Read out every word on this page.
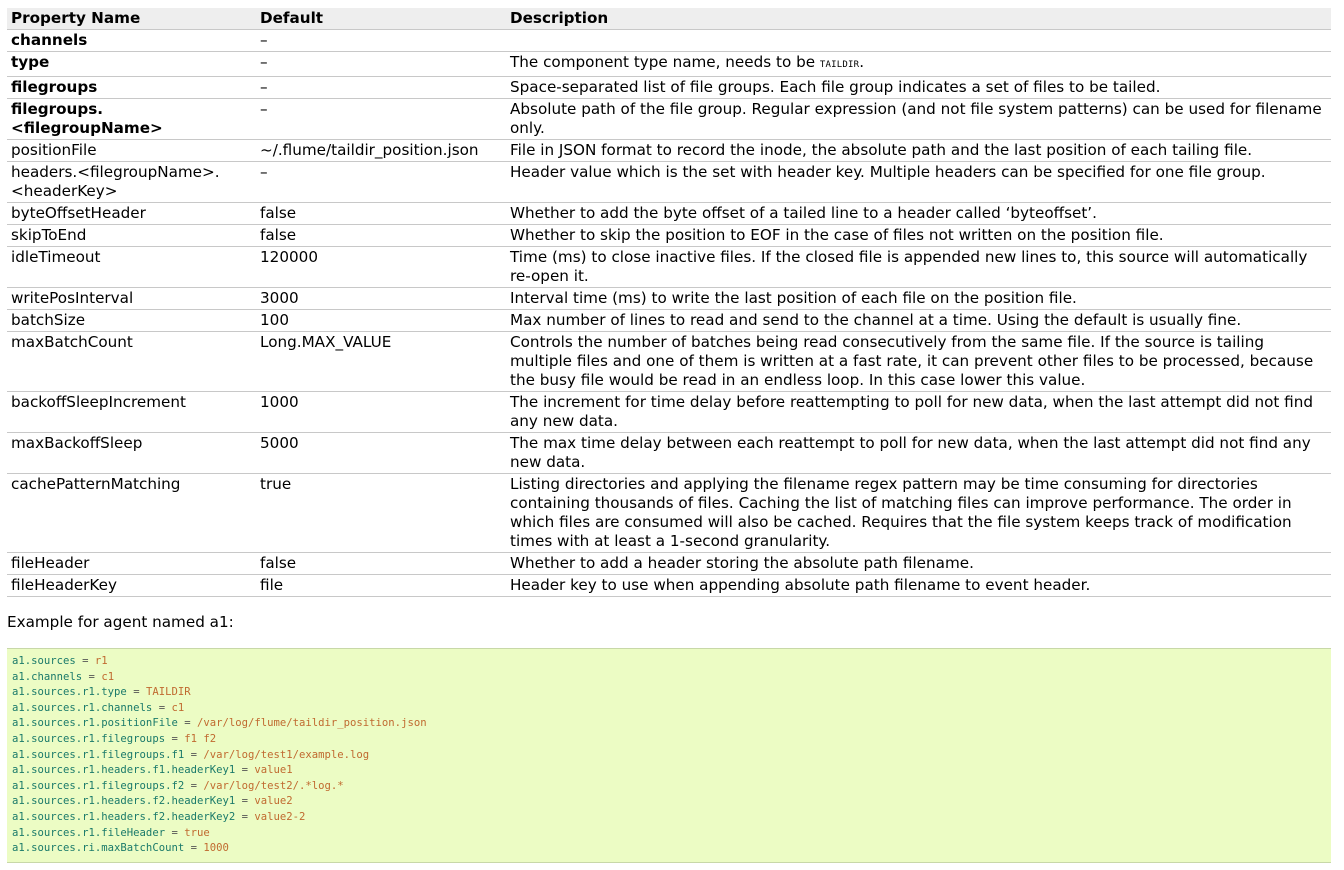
Property Name	Default	Description
channels	–	
type	–	The component type name, needs to be TAILDIR.
filegroups	–	Space-separated list of file groups. Each file group indicates a set of files to be tailed.
filegroups.
<filegroupName>	–	Absolute path of the file group. Regular expression (and not file system patterns) can be used for filename only.
positionFile	~/.flume/taildir_position.json	File in JSON format to record the inode, the absolute path and the last position of each tailing file.
headers.<filegroupName>.
<headerKey>	–	Header value which is the set with header key. Multiple headers can be specified for one file group.
byteOffsetHeader	false	Whether to add the byte offset of a tailed line to a header called ‘byteoffset’.
skipToEnd	false	Whether to skip the position to EOF in the case of files not written on the position file.
idleTimeout	120000	Time (ms) to close inactive files. If the closed file is appended new lines to, this source will automatically re-open it.
writePosInterval	3000	Interval time (ms) to write the last position of each file on the position file.
batchSize	100	Max number of lines to read and send to the channel at a time. Using the default is usually fine.
maxBatchCount	Long.MAX_VALUE	Controls the number of batches being read consecutively from the same file. If the source is tailing multiple files and one of them is written at a fast rate, it can prevent other files to be processed, because the busy file would be read in an endless loop. In this case lower this value.
backoffSleepIncrement	1000	The increment for time delay before reattempting to poll for new data, when the last attempt did not find any new data.
maxBackoffSleep	5000	The max time delay between each reattempt to poll for new data, when the last attempt did not find any new data.
cachePatternMatching	true	Listing directories and applying the filename regex pattern may be time consuming for directories containing thousands of files. Caching the list of matching files can improve performance. The order in which files are consumed will also be cached. Requires that the file system keeps track of modification times with at least a 1-second granularity.
fileHeader	false	Whether to add a header storing the absolute path filename.
fileHeaderKey	file	Header key to use when appending absolute path filename to event header.

Example for agent named a1:

a1.sources = r1
a1.channels = c1
a1.sources.r1.type = TAILDIR
a1.sources.r1.channels = c1
a1.sources.r1.positionFile = /var/log/flume/taildir_position.json
a1.sources.r1.filegroups = f1 f2
a1.sources.r1.filegroups.f1 = /var/log/test1/example.log
a1.sources.r1.headers.f1.headerKey1 = value1
a1.sources.r1.filegroups.f2 = /var/log/test2/.*log.*
a1.sources.r1.headers.f2.headerKey1 = value2
a1.sources.r1.headers.f2.headerKey2 = value2-2
a1.sources.r1.fileHeader = true
a1.sources.ri.maxBatchCount = 1000
